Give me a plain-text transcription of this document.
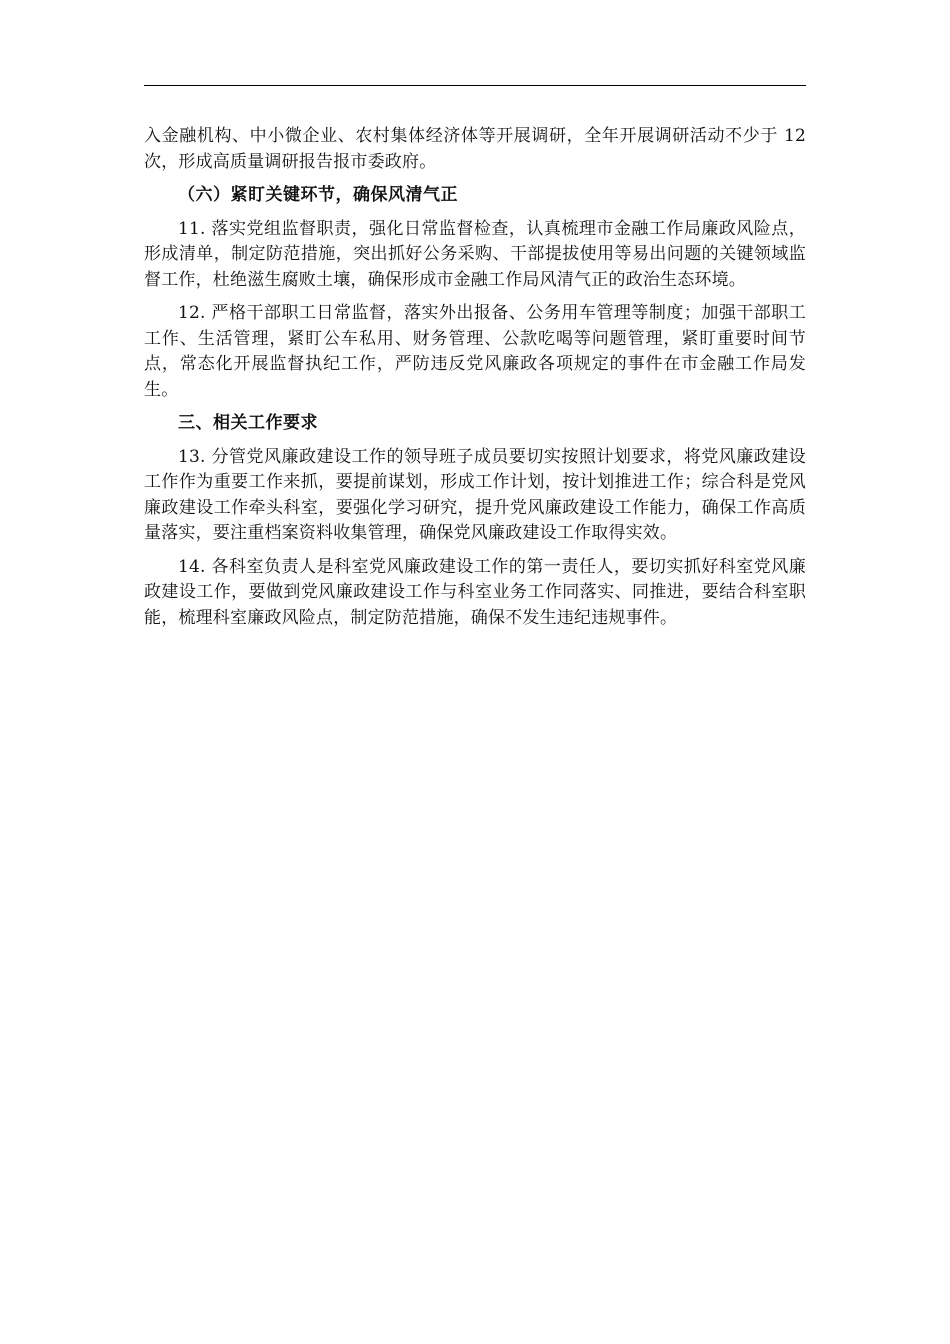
入金融机构、中小微企业、农村集体经济体等开展调研，全年开展调研活动不少于 12 次，形成高质量调研报告报市委政府。

（六）紧盯关键环节，确保风清气正

11. 落实党组监督职责，强化日常监督检查，认真梳理市金融工作局廉政风险点，形成清单，制定防范措施，突出抓好公务采购、干部提拔使用等易出问题的关键领域监督工作，杜绝滋生腐败土壤，确保形成市金融工作局风清气正的政治生态环境。

12. 严格干部职工日常监督，落实外出报备、公务用车管理等制度；加强干部职工工作、生活管理，紧盯公车私用、财务管理、公款吃喝等问题管理，紧盯重要时间节点，常态化开展监督执纪工作，严防违反党风廉政各项规定的事件在市金融工作局发生。

三、相关工作要求

13. 分管党风廉政建设工作的领导班子成员要切实按照计划要求，将党风廉政建设工作作为重要工作来抓，要提前谋划，形成工作计划，按计划推进工作；综合科是党风廉政建设工作牵头科室，要强化学习研究，提升党风廉政建设工作能力，确保工作高质量落实，要注重档案资料收集管理，确保党风廉政建设工作取得实效。

14. 各科室负责人是科室党风廉政建设工作的第一责任人，要切实抓好科室党风廉政建设工作，要做到党风廉政建设工作与科室业务工作同落实、同推进，要结合科室职能，梳理科室廉政风险点，制定防范措施，确保不发生违纪违规事件。
